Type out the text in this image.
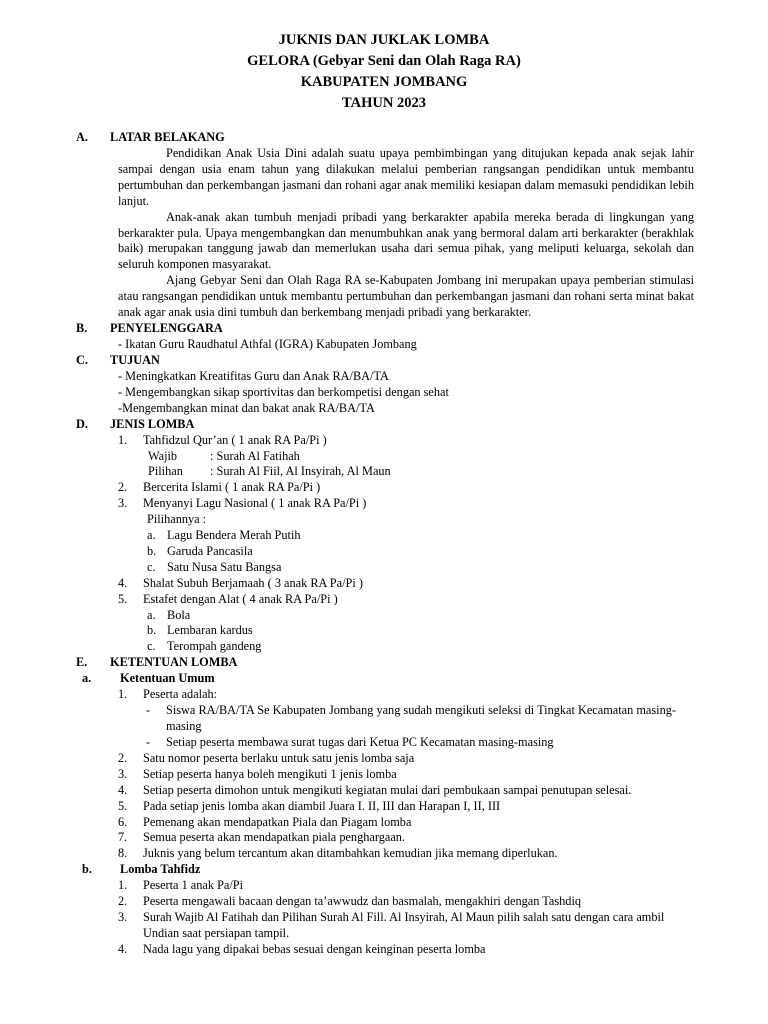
JUKNIS DAN JUKLAK LOMBA
GELORA (Gebyar Seni dan Olah Raga RA)
KABUPATEN JOMBANG
TAHUN 2023
A. LATAR BELAKANG
Pendidikan Anak Usia Dini adalah suatu upaya pembimbingan yang ditujukan kepada anak sejak lahir sampai dengan usia enam tahun yang dilakukan melalui pemberian rangsangan pendidikan untuk membantu pertumbuhan dan perkembangan jasmani dan rohani agar anak memiliki kesiapan dalam memasuki pendidikan lebih lanjut.
Anak-anak akan tumbuh menjadi pribadi yang berkarakter apabila mereka berada di lingkungan yang berkarakter pula. Upaya mengembangkan dan menumbuhkan anak yang bermoral dalam arti berkarakter (berakhlak baik) merupakan tanggung jawab dan memerlukan usaha dari semua pihak, yang meliputi keluarga, sekolah dan seluruh komponen masyarakat.
Ajang Gebyar Seni dan Olah Raga RA se-Kabupaten Jombang ini merupakan upaya pemberian stimulasi atau rangsangan pendidikan untuk membantu pertumbuhan dan perkembangan jasmani dan rohani serta minat bakat anak agar anak usia dini tumbuh dan berkembang menjadi pribadi yang berkarakter.
B. PENYELENGGARA
- Ikatan Guru Raudhatul Athfal (IGRA) Kabupaten Jombang
C. TUJUAN
- Meningkatkan Kreatifitas Guru dan Anak RA/BA/TA
- Mengembangkan sikap sportivitas dan berkompetisi dengan sehat
-Mengembangkan minat dan bakat anak RA/BA/TA
D. JENIS LOMBA
1. Tahfidzul Qur’an ( 1 anak RA Pa/Pi )
Wajib	: Surah Al Fatihah
Pilihan	: Surah Al Fiil, Al Insyirah, Al Maun
2. Bercerita Islami ( 1 anak RA Pa/Pi )
3. Menyanyi Lagu Nasional ( 1 anak RA Pa/Pi )
Pilihannya :
a. Lagu Bendera Merah Putih
b. Garuda Pancasila
c. Satu Nusa Satu Bangsa
4. Shalat Subuh Berjamaah ( 3 anak RA Pa/Pi )
5. Estafet dengan Alat ( 4 anak RA Pa/Pi )
a. Bola
b. Lembaran kardus
c. Terompah gandeng
E. KETENTUAN LOMBA
a. Ketentuan Umum
1. Peserta adalah:
- Siswa RA/BA/TA Se Kabupaten Jombang yang sudah mengikuti seleksi di Tingkat Kecamatan masing-masing
- Setiap peserta membawa surat tugas dari Ketua PC Kecamatan masing-masing
2. Satu nomor peserta berlaku untuk satu jenis lomba saja
3. Setiap peserta hanya boleh mengikuti 1 jenis lomba
4. Setiap peserta dimohon untuk mengikuti kegiatan mulai dari pembukaan sampai penutupan selesai.
5. Pada setiap jenis lomba akan diambil Juara I. II, III dan Harapan I, II, III
6. Pemenang akan mendapatkan Piala dan Piagam lomba
7. Semua peserta akan mendapatkan piala penghargaan.
8. Juknis yang belum tercantum akan ditambahkan kemudian jika memang diperlukan.
b. Lomba Tahfidz
1. Peserta 1 anak Pa/Pi
2. Peserta mengawali bacaan dengan ta’awwudz dan basmalah, mengakhiri dengan Tashdiq
3. Surah Wajib Al Fatihah dan Pilihan Surah Al Fill. Al Insyirah, Al Maun pilih salah satu dengan cara ambil Undian saat persiapan tampil.
4. Nada lagu yang dipakai bebas sesuai dengan keinginan peserta lomba
